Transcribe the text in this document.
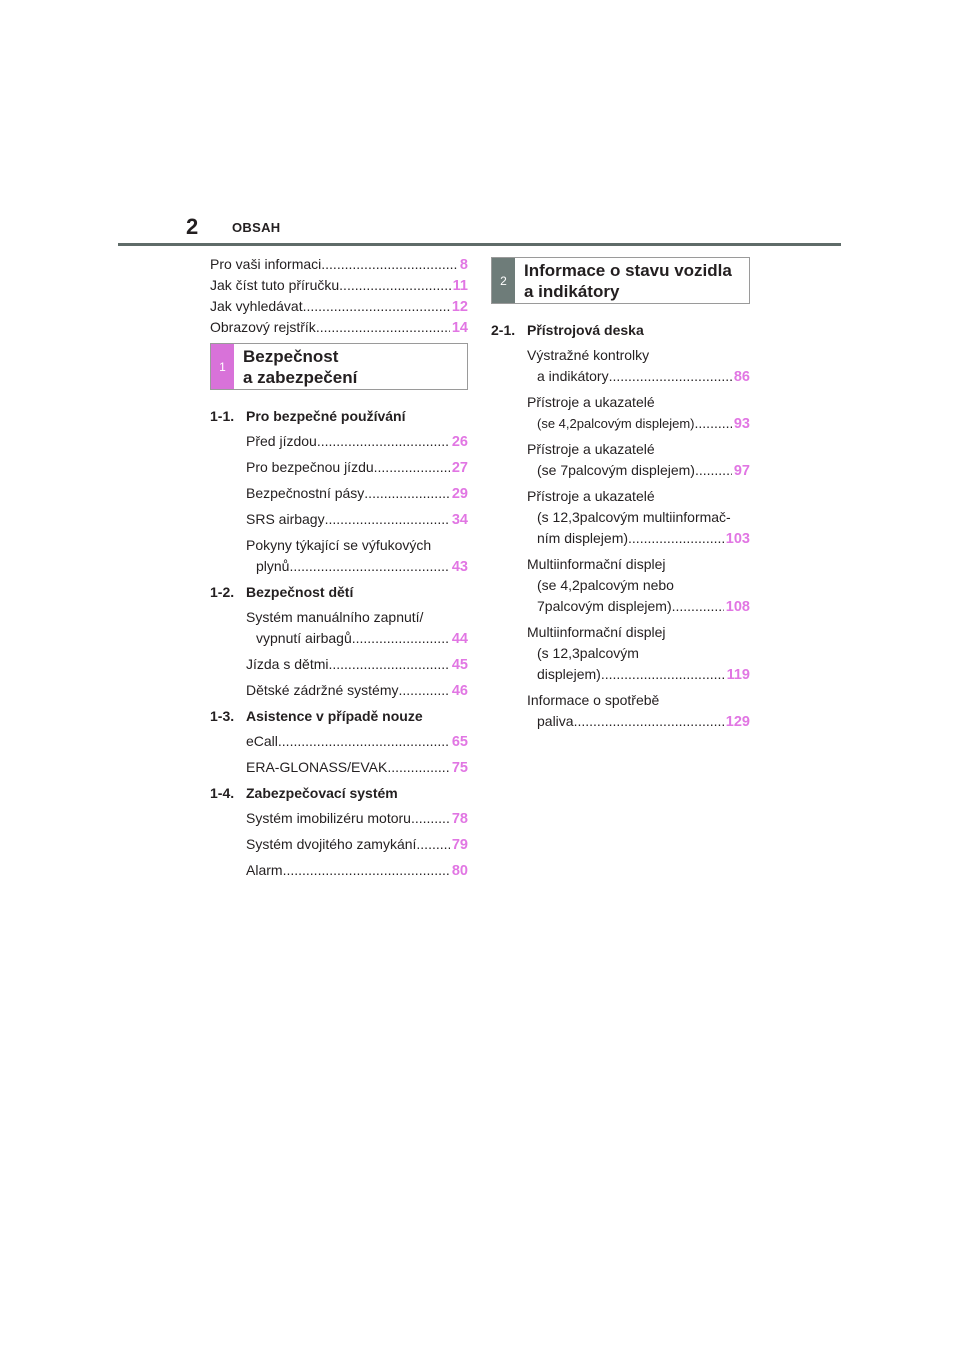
2	OBSAH
Pro vaši informaci .....	8
Jak číst tuto příručku .....	11
Jak vyhledávat .....	12
Obrazový rejstřík .....	14
1
Bezpečnost
a zabezpečení
1-1. Pro bezpečné používání
Před jízdou .....	26
Pro bezpečnou jízdu .....	27
Bezpečnostní pásy .....	29
SRS airbagy .....	34
Pokyny týkající se výfukových
plynů .....	43
1-2. Bezpečnost dětí
Systém manuálního zapnutí/
vypnutí airbagů .....	44
Jízda s dětmi .....	45
Dětské zádržné systémy .....	46
1-3. Asistence v případě nouze
eCall .....	65
ERA-GLONASS/EVAK .....	75
1-4. Zabezpečovací systém
Systém imobilizéru motoru .....	78
Systém dvojitého zamykání ..... 79
Alarm .....	80
2
Informace o stavu vozidla
a indikátory
2-1. Přístrojová deska
Výstražné kontrolky
a indikátory .....	86
Přístroje a ukazatelé
(se 4,2palcovým displejem) .....	93
Přístroje a ukazatelé
(se 7palcovým displejem) .....	97
Přístroje a ukazatelé
(s 12,3palcovým multiinformač-
ním displejem) .....	103
Multiinformační displej
(se 4,2palcovým nebo
7palcovým displejem) .....	108
Multiinformační displej
(s 12,3palcovým
displejem) .....	119
Informace o spotřebě
paliva .....	129
